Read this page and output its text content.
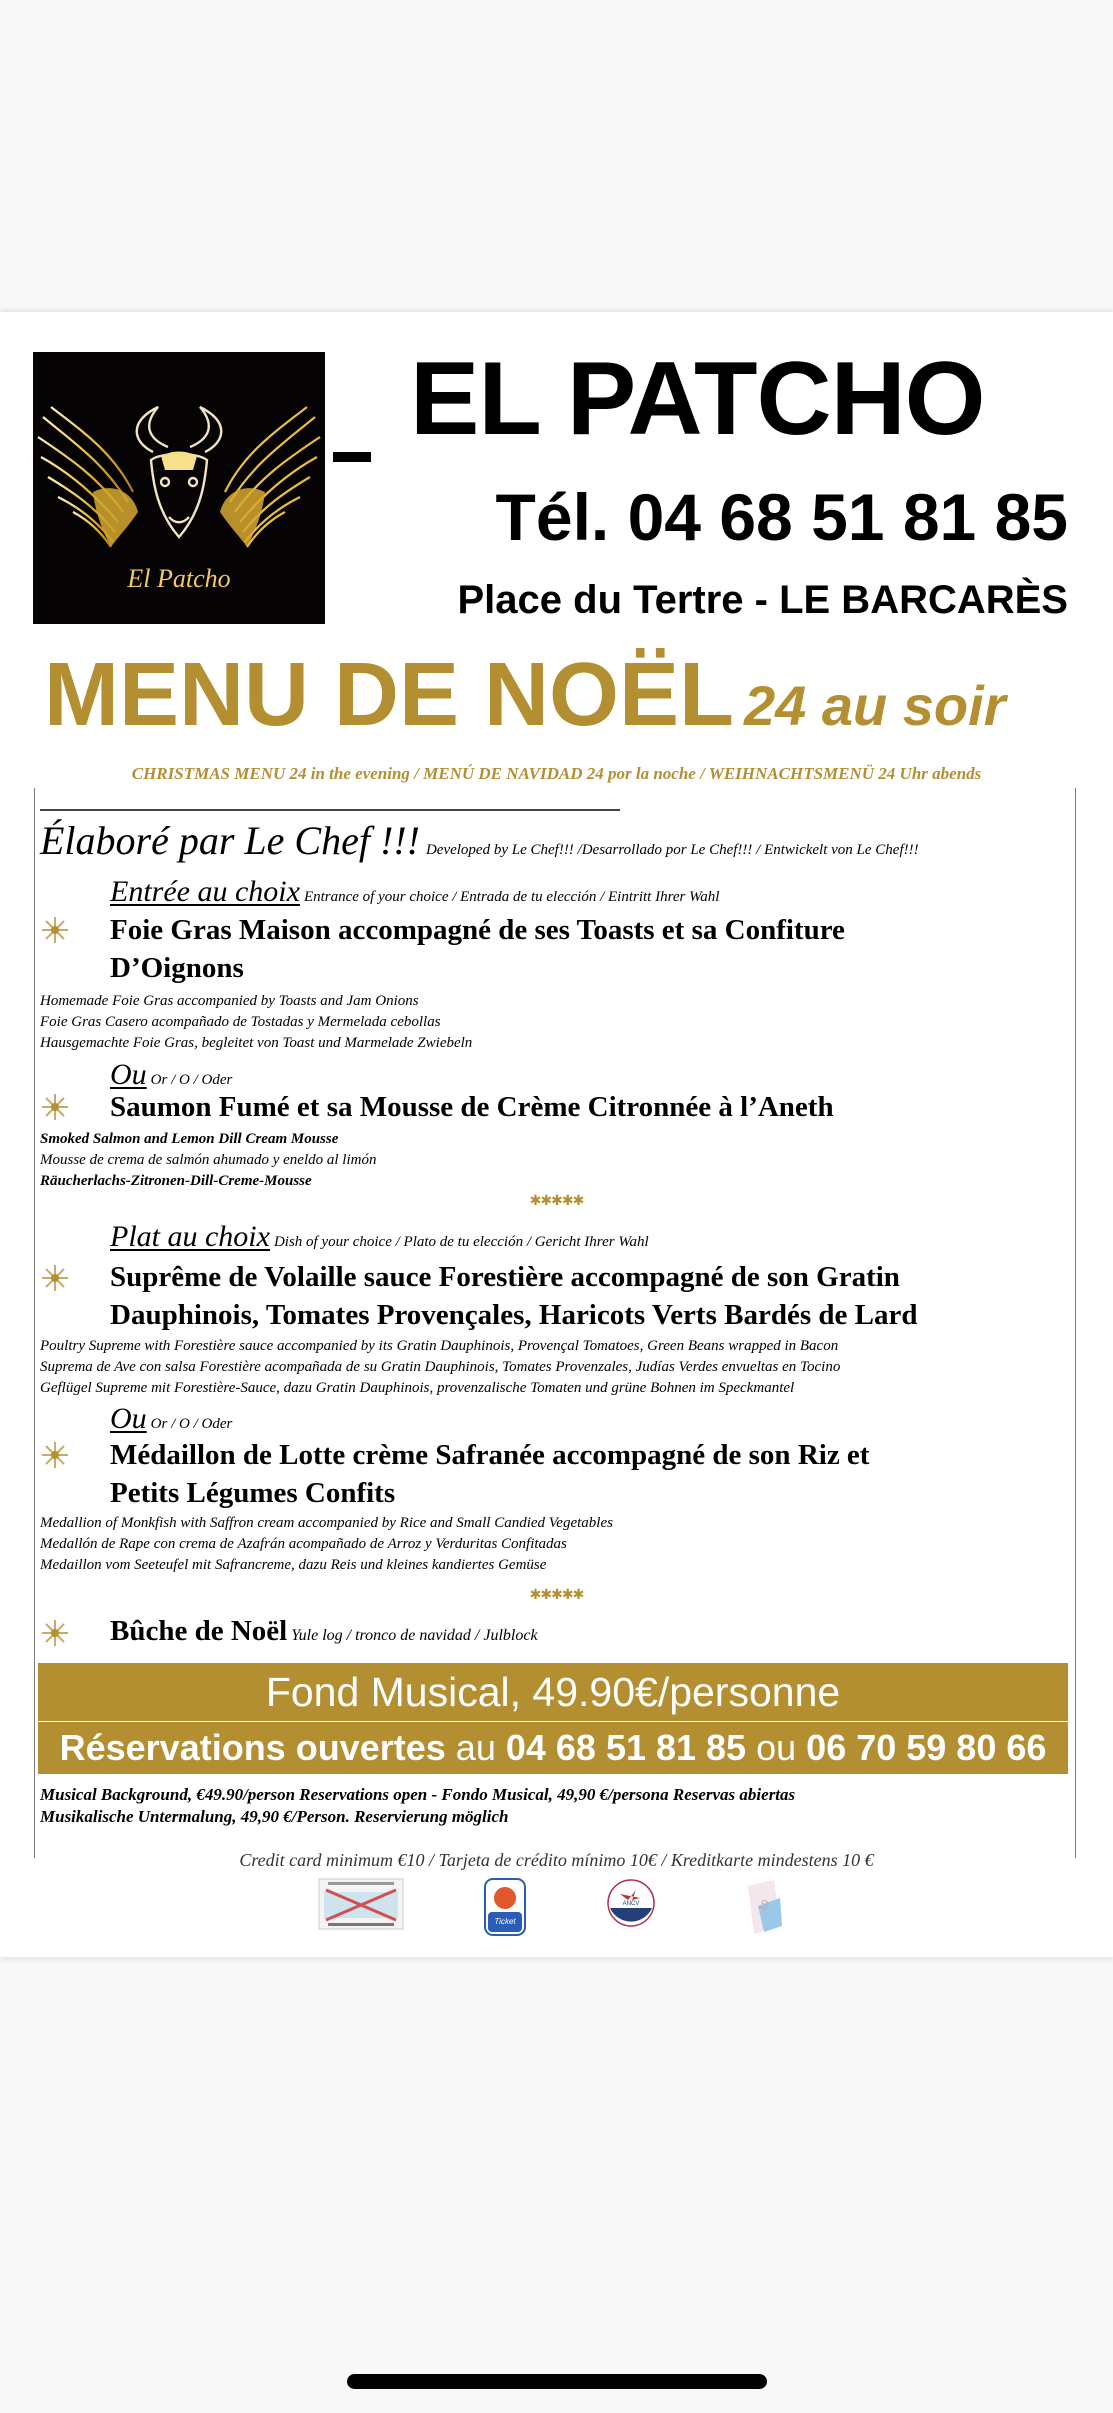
El Patcho
EL PATCHO
Tél. 04 68 51 81 85
Place du Tertre - LE BARCARÈS
MENU DE NOËL 24 au soir
CHRISTMAS MENU 24 in the evening / MENÚ DE NAVIDAD 24 por la noche / WEIHNACHTSMENÜ 24 Uhr abends
Élaboré par Le Chef !!! Developed by Le Chef!!! /Desarrollado por Le Chef!!! / Entwickelt von Le Chef!!!
Entrée au choix Entrance of your choice / Entrada de tu elección / Eintritt Ihrer Wahl
Foie Gras Maison accompagné de ses Toasts et sa Confiture
D’Oignons
Homemade Foie Gras accompanied by Toasts and Jam Onions
Foie Gras Casero acompañado de Tostadas y Mermelada cebollas
Hausgemachte Foie Gras, begleitet von Toast und Marmelade Zwiebeln
Ou Or / O / Oder
Saumon Fumé et sa Mousse de Crème Citronnée à l’Aneth
Smoked Salmon and Lemon Dill Cream Mousse
Mousse de crema de salmón ahumado y eneldo al limón
Räucherlachs-Zitronen-Dill-Creme-Mousse
✱✱✱✱✱
Plat au choix Dish of your choice / Plato de tu elección / Gericht Ihrer Wahl
Suprême de Volaille sauce Forestière accompagné de son Gratin
Dauphinois, Tomates Provençales, Haricots Verts Bardés de Lard
Poultry Supreme with Forestière sauce accompanied by its Gratin Dauphinois, Provençal Tomatoes, Green Beans wrapped in Bacon
Suprema de Ave con salsa Forestière acompañada de su Gratin Dauphinois, Tomates Provenzales, Judías Verdes envueltas en Tocino
Geflügel Supreme mit Forestière-Sauce, dazu Gratin Dauphinois, provenzalische Tomaten und grüne Bohnen im Speckmantel
Ou Or / O / Oder
Médaillon de Lotte crème Safranée accompagné de son Riz et
Petits Légumes Confits
Medallion of Monkfish with Saffron cream accompanied by Rice and Small Candied Vegetables
Medallón de Rape con crema de Azafrán acompañado de Arroz y Verduritas Confitadas
Medaillon vom Seeteufel mit Safrancreme, dazu Reis und kleines kandiertes Gemüse
✱✱✱✱✱
Bûche de Noël Yule log / tronco de navidad / Julblock
Fond Musical, 49.90€/personne
Réservations ouvertes au 04 68 51 81 85 ou 06 70 59 80 66
Musical Background, €49.90/person Reservations open - Fondo Musical, 49,90 €/persona Reservas abiertas
Musikalische Untermalung, 49,90 €/Person. Reservierung möglich
Credit card minimum €10 / Tarjeta de crédito mínimo 10€ / Kreditkarte mindestens 10 €
Ticket
ANCV	10
